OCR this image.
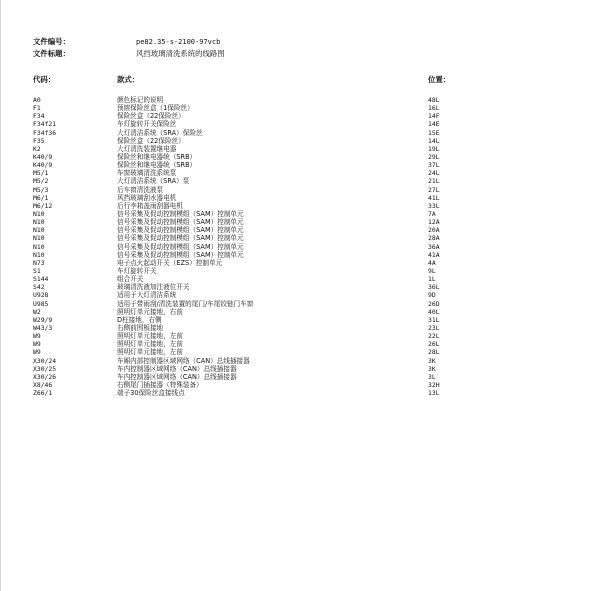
文件编号：	pe82.35-s-2100-97vcb
文件标题：	风挡玻璃清洗系统的线路图
代码：	款式：	位置：
A0	颜色标记的说明	48L
F1	预熔保险丝盒（1保险丝）	16L
F34	保险丝盒（22保险丝）	14F
F34f21	车灯旋转开关保险丝	14E
F34f36	大灯清洁系统（SRA）保险丝	15E
F35	保险丝盒（22保险丝）	14L
K2	大灯清洗装置继电器	19L
K40/9	保险丝和继电器统（SRB）	29L
K40/9	保险丝和继电器统（SRB）	37L
M5/1	车窗玻璃清洗系统泵	24L
M5/2	大灯清洁系统（SRA）泵	21L
M5/3	后车窗清洗液泵	27L
M6/1	风挡玻璃刮水器电机	41L
M6/12	后行李箱盖雨刮器电机	33L
N10	信号采集及促动控制模组（SAM）控制单元	7A
N10	信号采集及促动控制模组（SAM）控制单元	12A
N10	信号采集及促动控制模组（SAM）控制单元	20A
N10	信号采集及促动控制模组（SAM）控制单元	28A
N10	信号采集及促动控制模组（SAM）控制单元	36A
N10	信号采集及促动控制模组（SAM）控制单元	41A
N73	电子点火起动开关（EZS）控制单元	4A
S1	车灯旋转开关	9L
S144	组合开关	1L
S42	玻璃清洗液加注液位开关	36L
U928	适用于大灯清洁系统	9D
U985	适用于带雨刮/清洗装置的尾门/车尾铰链门车窗	26D
W2	照明灯单元接地，右前	40L
W29/9	D柱接地，右侧	31L
W43/3	右侧前围板接地	23L
W9	照明灯单元接地，左前	22L
W9	照明灯单元接地，左前	26L
W9	照明灯单元接地，左前	28L
X30/24	车厢内部控制器区域网络（CAN）总线插接器	3K
X30/25	车内控制器区域网络（CAN）总线插接器	3K
X30/26	车内控制器区域网络（CAN）总线插接器	3L
X8/46	右侧尾门插接器（特殊装备）	32H
Z66/1	端子30保险丝盒接线点	13L
